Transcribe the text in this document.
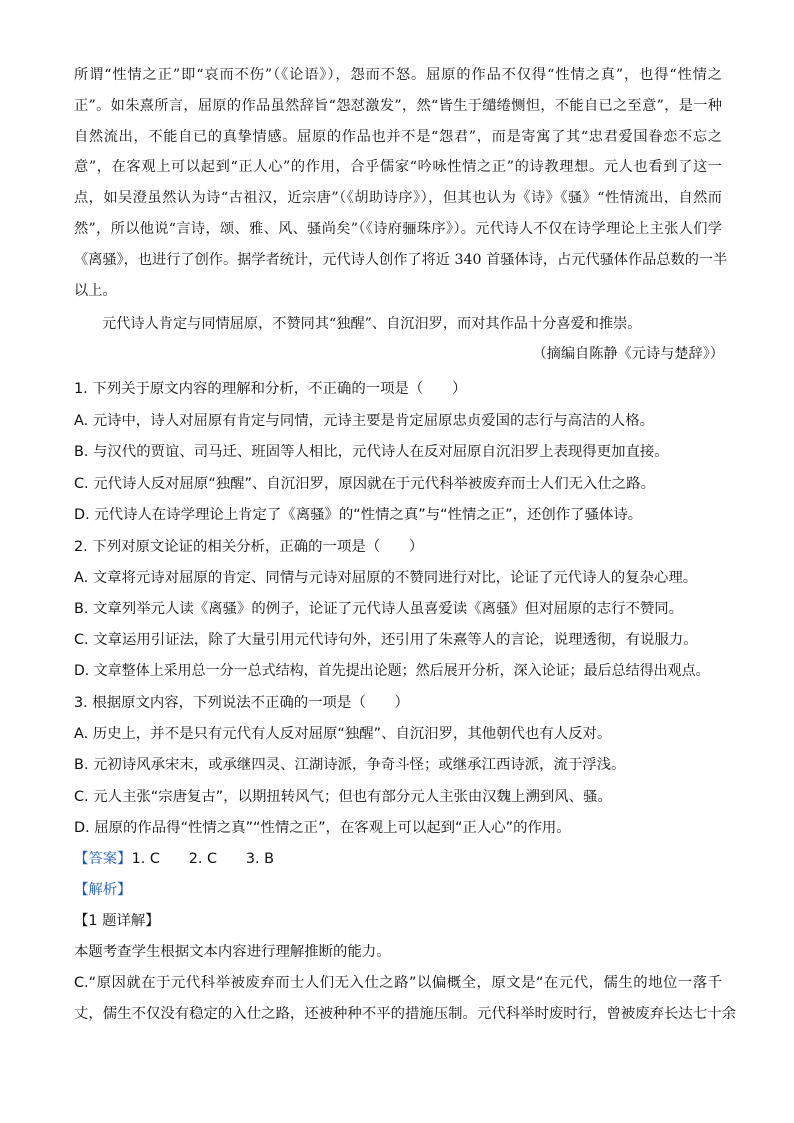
所谓“性情之正”即“哀而不伤”（《论语》），怨而不怒。屈原的作品不仅得“性情之真”，也得“性情之
正”。如朱熹所言，屈原的作品虽然辞旨“怨怼激发”，然“皆生于缱绻恻怛，不能自已之至意”，是一种
自然流出，不能自已的真挚情感。屈原的作品也并不是“怨君”，而是寄寓了其“忠君爱国眷恋不忘之
意”，在客观上可以起到“正人心”的作用，合乎儒家“吟咏性情之正”的诗教理想。元人也看到了这一
点，如吴澄虽然认为诗“古祖汉，近宗唐”（《胡助诗序》），但其也认为《诗》《骚》“性情流出，自然而
然”，所以他说“言诗，颂、雅、风、骚尚矣”（《诗府骊珠序》）。元代诗人不仅在诗学理论上主张人们学
《离骚》，也进行了创作。据学者统计，元代诗人创作了将近 340 首骚体诗，占元代骚体作品总数的一半
以上。
元代诗人肯定与同情屈原，不赞同其“独醒”、自沉汨罗，而对其作品十分喜爱和推崇。
（摘编自陈静《元诗与楚辞》）
1. 下列关于原文内容的理解和分析，不正确的一项是（　　）
A. 元诗中，诗人对屈原有肯定与同情，元诗主要是肯定屈原忠贞爱国的志行与高洁的人格。
B. 与汉代的贾谊、司马迁、班固等人相比，元代诗人在反对屈原自沉汨罗上表现得更加直接。
C. 元代诗人反对屈原“独醒”、自沉汨罗，原因就在于元代科举被废弃而士人们无入仕之路。
D. 元代诗人在诗学理论上肯定了《离骚》的“性情之真”与“性情之正”，还创作了骚体诗。
2. 下列对原文论证的相关分析，正确的一项是（　　）
A. 文章将元诗对屈原的肯定、同情与元诗对屈原的不赞同进行对比，论证了元代诗人的复杂心理。
B. 文章列举元人读《离骚》的例子，论证了元代诗人虽喜爱读《离骚》但对屈原的志行不赞同。
C. 文章运用引证法，除了大量引用元代诗句外，还引用了朱熹等人的言论，说理透彻，有说服力。
D. 文章整体上采用总一分一总式结构，首先提出论题；然后展开分析，深入论证；最后总结得出观点。
3. 根据原文内容，下列说法不正确的一项是（　　）
A. 历史上，并不是只有元代有人反对屈原“独醒”、自沉汨罗，其他朝代也有人反对。
B. 元初诗风承宋末，或承继四灵、江湖诗派，争奇斗怪；或继承江西诗派，流于浮浅。
C. 元人主张“宗唐复古”，以期扭转风气；但也有部分元人主张由汉魏上溯到风、骚。
D. 屈原的作品得“性情之真”“性情之正”，在客观上可以起到“正人心”的作用。
【答案】1. C　　2. C　　3. B
【解析】
【1 题详解】
本题考查学生根据文本内容进行理解推断的能力。
C.“原因就在于元代科举被废弃而士人们无入仕之路”以偏概全，原文是“在元代，儒生的地位一落千
丈，儒生不仅没有稳定的入仕之路，还被种种不平的措施压制。元代科举时废时行，曾被废弃长达七十余
